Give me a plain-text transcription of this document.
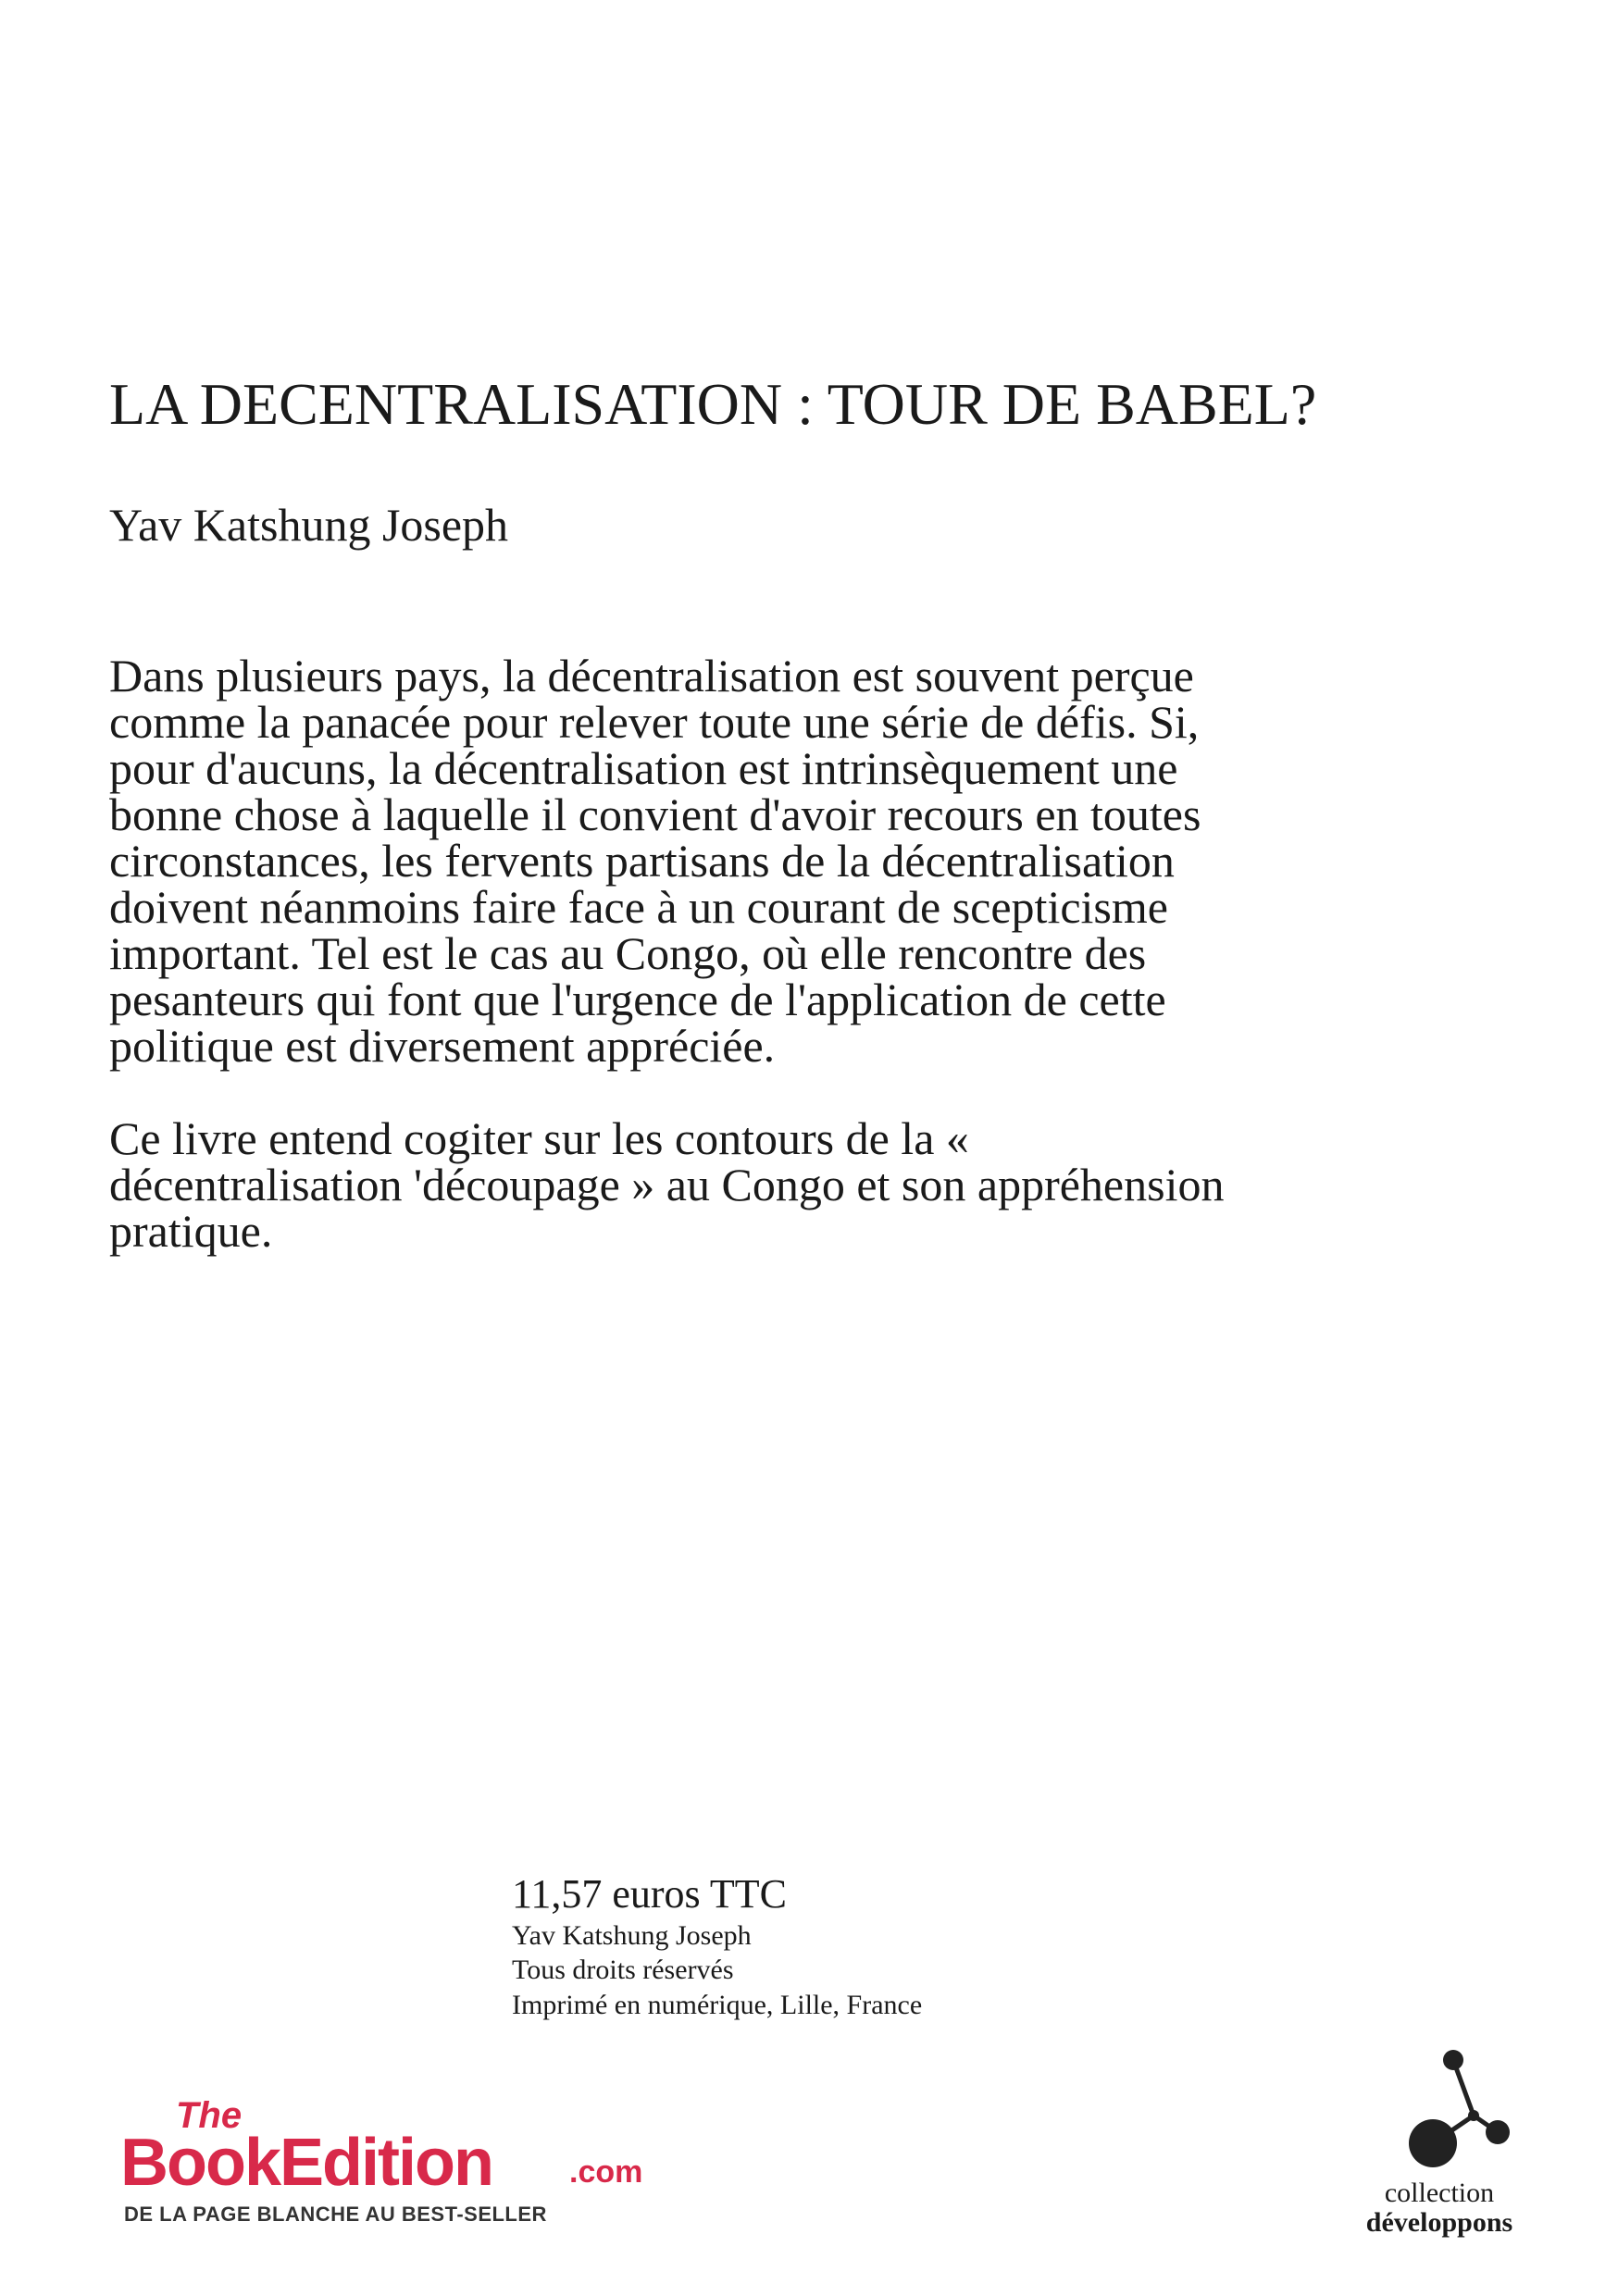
LA DECENTRALISATION : TOUR DE BABEL?
Yav Katshung Joseph

Dans plusieurs pays, la décentralisation est souvent perçue comme la panacée pour relever toute une série de défis. Si, pour d'aucuns, la décentralisation est intrinsèquement une bonne chose à laquelle il convient d'avoir recours en toutes circonstances, les fervents partisans de la décentralisation doivent néanmoins faire face à un courant de scepticisme important. Tel est le cas au Congo, où elle rencontre des pesanteurs qui font que l'urgence de l'application de cette politique est diversement appréciée.

Ce livre entend cogiter sur les contours de la « décentralisation 'découpage » au Congo et son appréhension pratique.

11,57 euros TTC
Yav Katshung Joseph
Tous droits réservés
Imprimé en numérique, Lille, France
The
BookEdition .com
DE LA PAGE BLANCHE AU BEST-SELLER
collection
développons
